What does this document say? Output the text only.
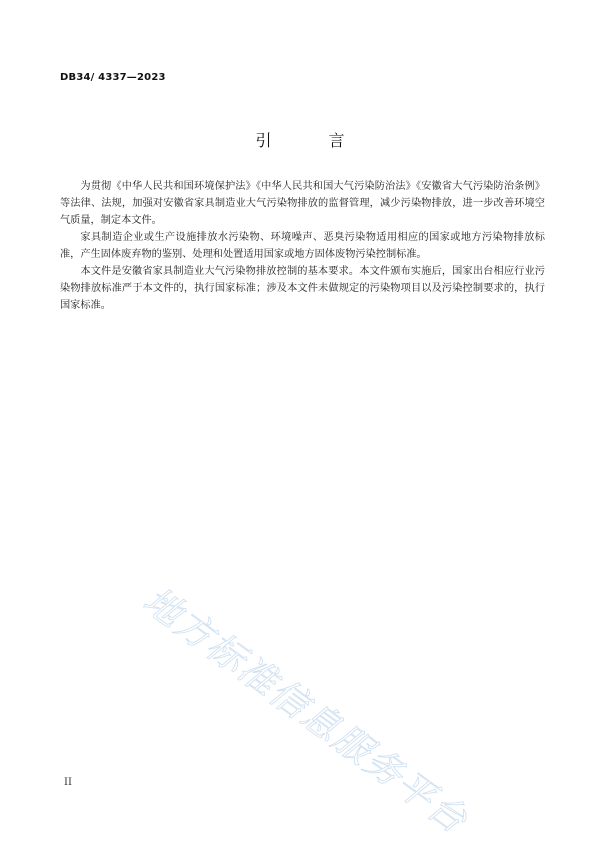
DB34/ 4337—2023
引 言

为贯彻《中华人民共和国环境保护法》《中华人民共和国大气污染防治法》《安徽省大气污染防治条例》等法律、法规，加强对安徽省家具制造业大气污染物排放的监督管理，减少污染物排放，进一步改善环境空气质量，制定本文件。

家具制造企业或生产设施排放水污染物、环境噪声、恶臭污染物适用相应的国家或地方污染物排放标准，产生固体废弃物的鉴别、处理和处置适用国家或地方固体废物污染控制标准。

本文件是安徽省家具制造业大气污染物排放控制的基本要求。本文件颁布实施后，国家出台相应行业污染物排放标准严于本文件的，执行国家标准；涉及本文件未做规定的污染物项目以及污染控制要求的，执行国家标准。

地方标准信息服务平台
II
